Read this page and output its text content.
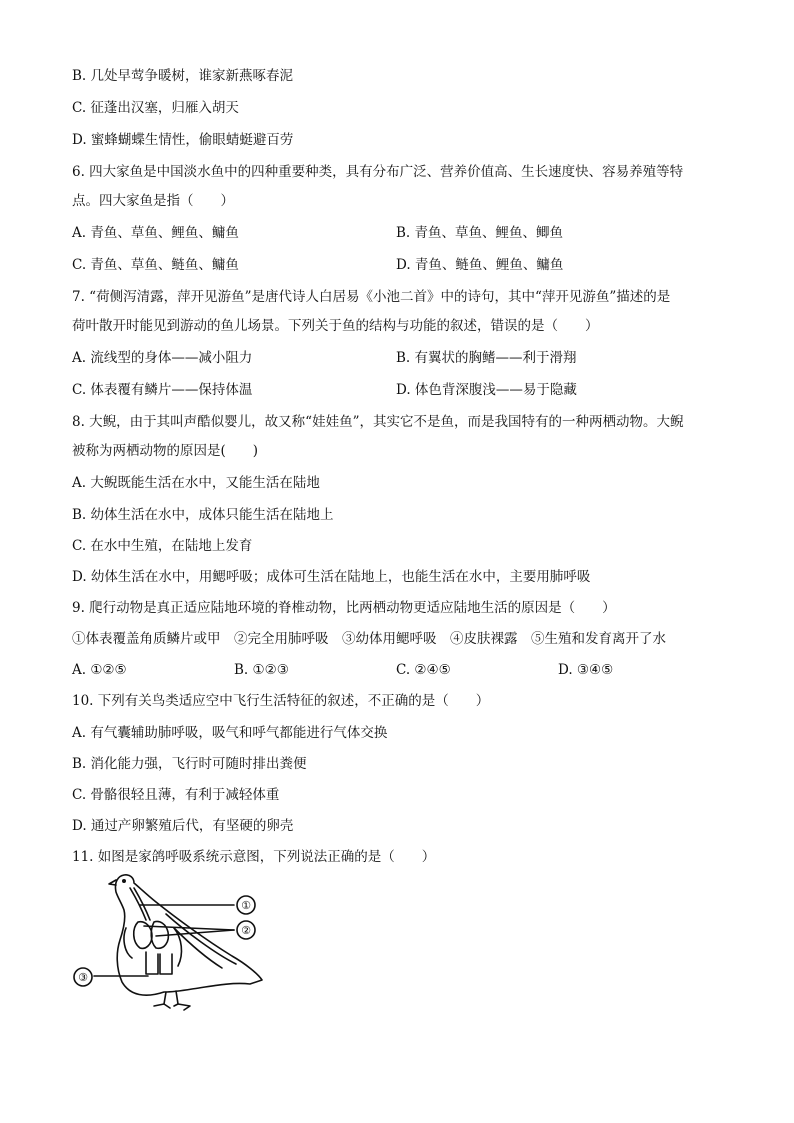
B. 几处早莺争暖树，谁家新燕啄春泥
C. 征蓬出汉塞，归雁入胡天
D. 蜜蜂蝴蝶生情性，偷眼蜻蜓避百劳
6. 四大家鱼是中国淡水鱼中的四种重要种类，具有分布广泛、营养价值高、生长速度快、容易养殖等特
点。四大家鱼是指（　　）
A. 青鱼、草鱼、鲤鱼、鳙鱼	B. 青鱼、草鱼、鲤鱼、鲫鱼
C. 青鱼、草鱼、鲢鱼、鳙鱼	D. 青鱼、鲢鱼、鲤鱼、鳙鱼
7. “荷侧泻清露，萍开见游鱼”是唐代诗人白居易《小池二首》中的诗句，其中“萍开见游鱼”描述的是
荷叶散开时能见到游动的鱼儿场景。下列关于鱼的结构与功能的叙述，错误的是（　　）
A. 流线型的身体——减小阻力	B. 有翼状的胸鳍——利于滑翔
C. 体表覆有鳞片——保持体温	D. 体色背深腹浅——易于隐藏
8. 大鲵，由于其叫声酷似婴儿，故又称“娃娃鱼”，其实它不是鱼，而是我国特有的一种两栖动物。大鲵
被称为两栖动物的原因是(　　)
A. 大鲵既能生活在水中，又能生活在陆地
B. 幼体生活在水中，成体只能生活在陆地上
C. 在水中生殖，在陆地上发育
D. 幼体生活在水中，用鳃呼吸；成体可生活在陆地上，也能生活在水中，主要用肺呼吸
9. 爬行动物是真正适应陆地环境的脊椎动物，比两栖动物更适应陆地生活的原因是（　　）
①体表覆盖角质鳞片或甲　②完全用肺呼吸　③幼体用鳃呼吸　④皮肤裸露　⑤生殖和发育离开了水
A. ①②⑤	B. ①②③	C. ②④⑤	D. ③④⑤
10. 下列有关鸟类适应空中飞行生活特征的叙述，不正确的是（　　）
A. 有气囊辅助肺呼吸，吸气和呼气都能进行气体交换
B. 消化能力强，飞行时可随时排出粪便
C. 骨骼很轻且薄，有利于减轻体重
D. 通过产卵繁殖后代，有坚硬的卵壳
11. 如图是家鸽呼吸系统示意图，下列说法正确的是（　　）
①
②
③
